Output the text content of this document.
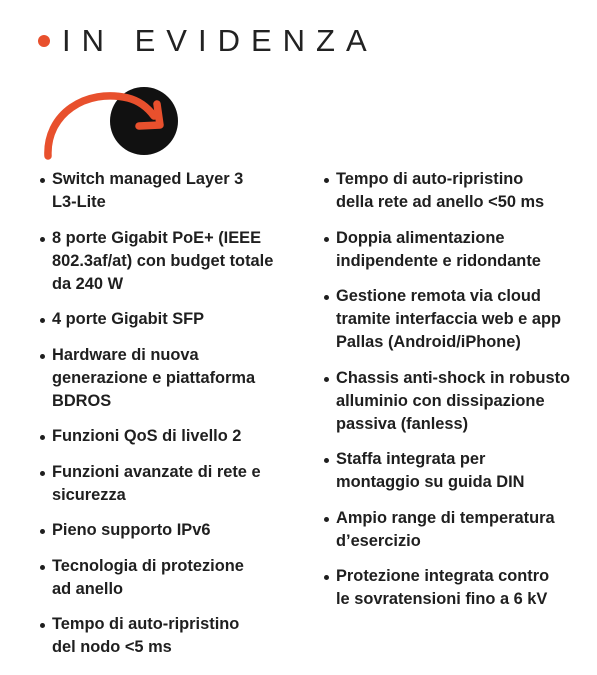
IN EVIDENZA
Switch managed Layer 3
L3-Lite
8 porte Gigabit PoE+ (IEEE
802.3af/at) con budget totale
da 240 W
4 porte Gigabit SFP
Hardware di nuova
generazione e piattaforma
BDROS
Funzioni QoS di livello 2
Funzioni avanzate di rete e
sicurezza
Pieno supporto IPv6
Tecnologia di protezione
ad anello
Tempo di auto-ripristino
del nodo <5 ms
Tempo di auto-ripristino
della rete ad anello <50 ms
Doppia alimentazione
indipendente e ridondante
Gestione remota via cloud
tramite interfaccia web e app
Pallas (Android/iPhone)
Chassis anti-shock in robusto
alluminio con dissipazione
passiva (fanless)
Staffa integrata per
montaggio su guida DIN
Ampio range di temperatura
d’esercizio
Protezione integrata contro
le sovratensioni fino a 6 kV
